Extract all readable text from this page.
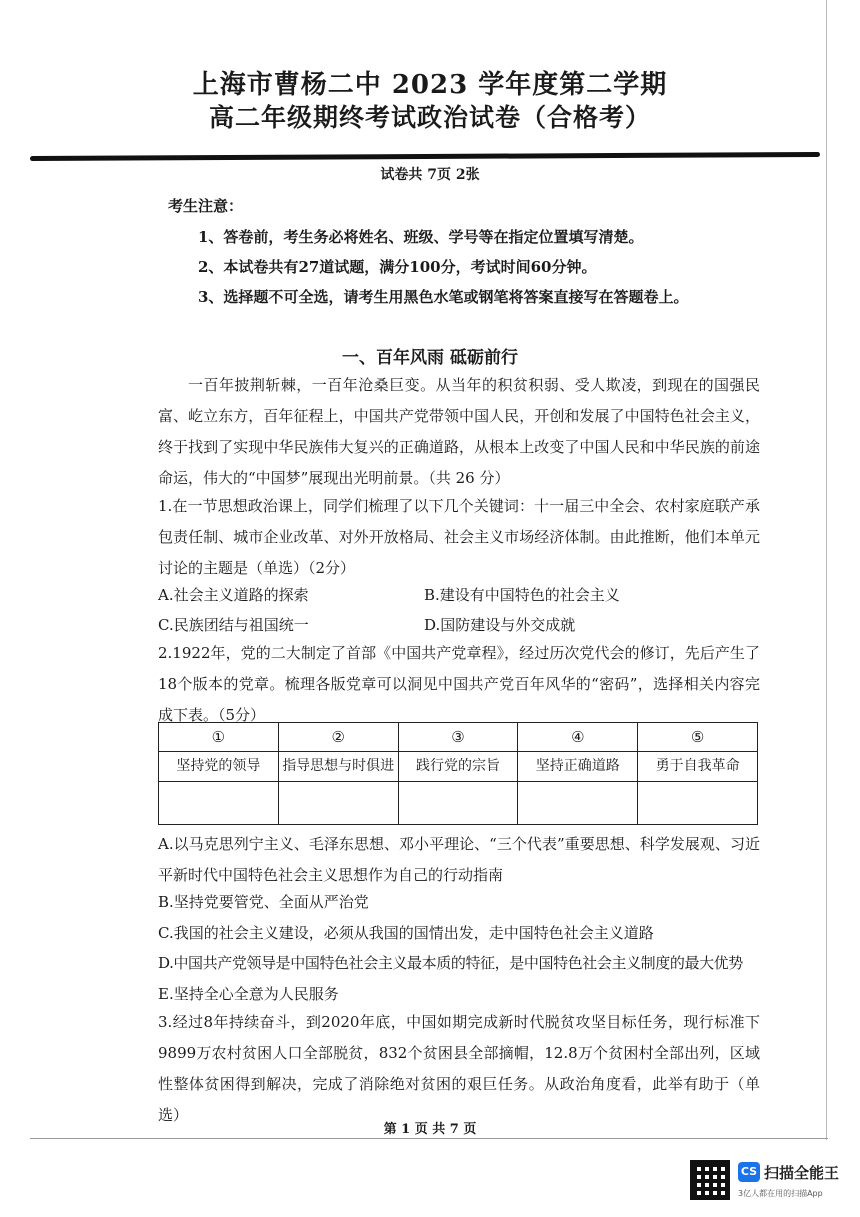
上海市曹杨二中 2023 学年度第二学期
高二年级期终考试政治试卷（合格考）
试卷共 7页 2张
考生注意：
1、答卷前，考生务必将姓名、班级、学号等在指定位置填写清楚。
2、本试卷共有27道试题，满分100分，考试时间60分钟。
3、选择题不可全选，请考生用黑色水笔或钢笔将答案直接写在答题卷上。
一、百年风雨 砥砺前行
一百年披荆斩棘，一百年沧桑巨变。从当年的积贫积弱、受人欺凌，到现在的国强民富、屹立东方，百年征程上，中国共产党带领中国人民，开创和发展了中国特色社会主义，终于找到了实现中华民族伟大复兴的正确道路，从根本上改变了中国人民和中华民族的前途命运，伟大的“中国梦”展现出光明前景。（共 26 分）
1.在一节思想政治课上，同学们梳理了以下几个关键词：十一届三中全会、农村家庭联产承包责任制、城市企业改革、对外开放格局、社会主义市场经济体制。由此推断，他们本单元讨论的主题是（单选）（2分）
A.社会主义道路的探索	B.建设有中国特色的社会主义
C.民族团结与祖国统一	D.国防建设与外交成就
2.1922年，党的二大制定了首部《中国共产党章程》，经过历次党代会的修订，先后产生了18个版本的党章。梳理各版党章可以洞见中国共产党百年风华的“密码”，选择相关内容完成下表。（5分）
①	②	③	④	⑤
坚持党的领导	指导思想与时俱进	践行党的宗旨	坚持正确道路	勇于自我革命

A.以马克思列宁主义、毛泽东思想、邓小平理论、“三个代表”重要思想、科学发展观、习近平新时代中国特色社会主义思想作为自己的行动指南
B.坚持党要管党、全面从严治党
C.我国的社会主义建设，必须从我国的国情出发，走中国特色社会主义道路
D.中国共产党领导是中国特色社会主义最本质的特征，是中国特色社会主义制度的最大优势
E.坚持全心全意为人民服务
3.经过8年持续奋斗，到2020年底，中国如期完成新时代脱贫攻坚目标任务，现行标准下9899万农村贫困人口全部脱贫，832个贫困县全部摘帽，12.8万个贫困村全部出列，区域性整体贫困得到解决，完成了消除绝对贫困的艰巨任务。从政治角度看，此举有助于（单选）
第 1 页 共 7 页
CS 扫描全能王
3亿人都在用的扫描App
